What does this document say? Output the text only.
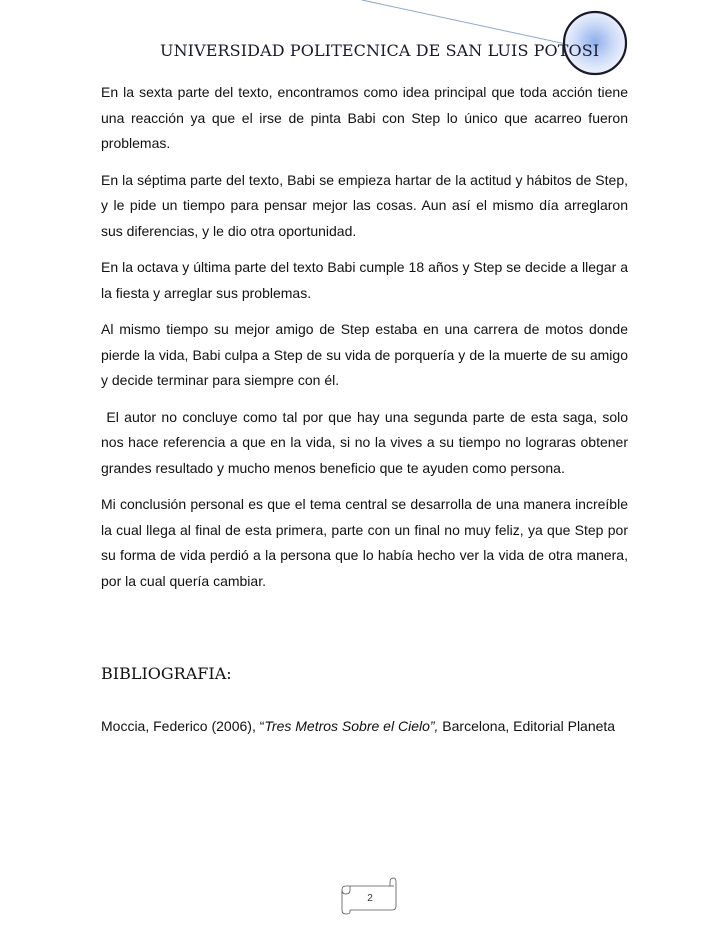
UNIVERSIDAD POLITECNICA DE SAN LUIS POTOSI

En la sexta parte del texto, encontramos como idea principal que toda acción tiene una reacción ya que el irse de pinta Babi con Step lo único que acarreo fueron problemas.

En la séptima parte del texto, Babi se empieza hartar de la actitud y hábitos de Step, y le pide un tiempo para pensar mejor las cosas. Aun así el mismo día arreglaron sus diferencias, y le dio otra oportunidad.

En la octava y última parte del texto Babi cumple 18 años y Step se decide a llegar a la fiesta y arreglar sus problemas.

Al mismo tiempo su mejor amigo de Step estaba en una carrera de motos donde pierde la vida, Babi culpa a Step de su vida de porquería y de la muerte de su amigo y decide terminar para siempre con él.

El autor no concluye como tal por que hay una segunda parte de esta saga, solo nos hace referencia a que en la vida, si no la vives a su tiempo no lograras obtener grandes resultado y mucho menos beneficio que te ayuden como persona.

Mi conclusión personal es que el tema central se desarrolla de una manera increíble la cual llega al final de esta primera, parte con un final no muy feliz, ya que Step por su forma de vida perdió a la persona que lo había hecho ver la vida de otra manera, por la cual quería cambiar.

BIBLIOGRAFIA:
Moccia, Federico (2006), “Tres Metros Sobre el Cielo”, Barcelona, Editorial Planeta
2
